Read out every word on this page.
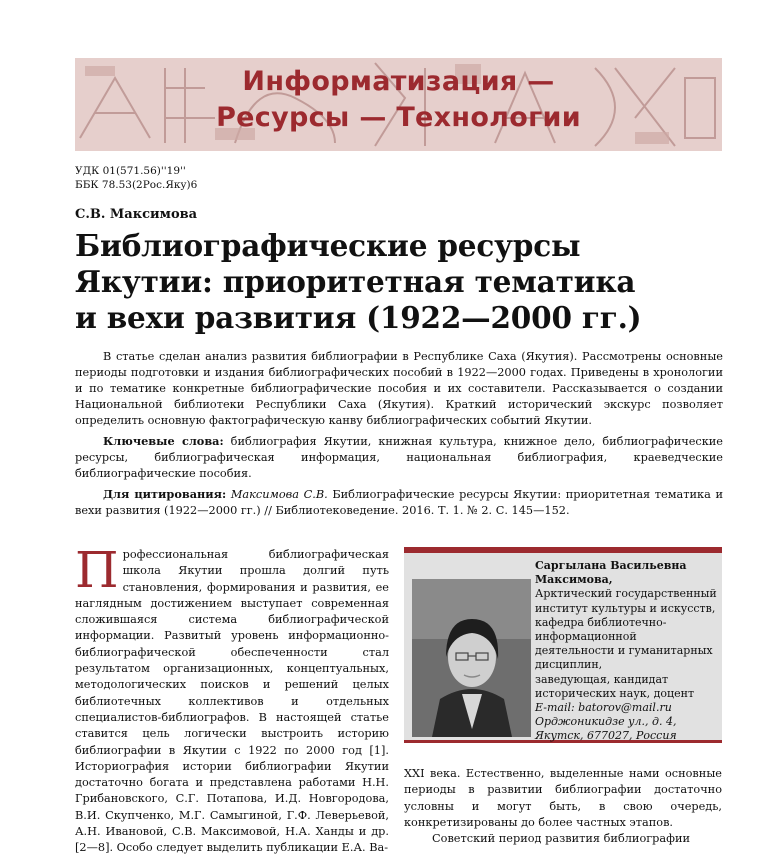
Информатизация —
Ресурсы — Технологии
УДК 01(571.56)''19''
ББК 78.53(2Рос.Яку)6
С.В. Максимова
Библиографические ресурсы
Якутии: приоритетная тематика
и вехи развития (1922—2000 гг.)

В статье сделан анализ развития библиографии в Республике Саха (Якутия). Рассмотрены основные периоды подготовки и издания библиографических пособий в 1922—2000 годах. Приведены в хронологии и по тематике конкретные библиографические пособия и их составители. Рассказывается о создании Национальной библиотеки Республики Саха (Якутия). Краткий исторический экскурс позволяет определить основную фактографическую канву библиографических событий Якутии.

Ключевые слова: библиография Якутии, книжная культура, книжное дело, библиографические ресурсы, библиографическая информация, национальная библиография, краеведческие библиографические пособия.

Для цитирования: Максимова С.В. Библиографические ресурсы Якутии: приоритетная тематика и вехи развития (1922—2000 гг.) // Библиотековедение. 2016. Т. 1. № 2. С. 145—152.

Профессиональная библиографическая школа Якутии прошла долгий путь становления, формирования и развития, ее наглядным достижением выступает современная сложившаяся система библиографической информации. Развитый уровень информационно-библиографической обеспеченности стал результатом организационных, концептуальных, методологических поисков и решений целых библиотечных коллективов и отдельных специалистов-библиографов. В настоящей статье ставится цель логически выстроить историю библиографии в Якутии с 1922 по 2000 год [1]. Историография истории библиографии Якутии достаточно богата и представлена работами Н.Н. Грибановского, С.Г. Потапова, И.Д. Новгородова, В.И. Скупченко, М.Г. Самыгиной, Г.Ф. Леверьевой, А.Н. Ивановой, С.В. Максимовой, Н.А. Ханды и др. [2—8]. Особо следует выделить публикации Е.А. Ва-

Саргылана Васильевна Максимова,
Арктический государственный институт культуры и искусств,
кафедра библиотечно-информационной деятельности и гуманитарных дисциплин,
заведующая, кандидат исторических наук, доцент
E-mail: batorov@mail.ru
Орджоникидзе ул., д. 4, Якутск, 677027, Россия

XXI века. Естественно, выделенные нами основные периоды в развитии библиографии достаточно условны и могут быть, в свою очередь, конкретизированы до более частных этапов.

Советский период развития библиографии
